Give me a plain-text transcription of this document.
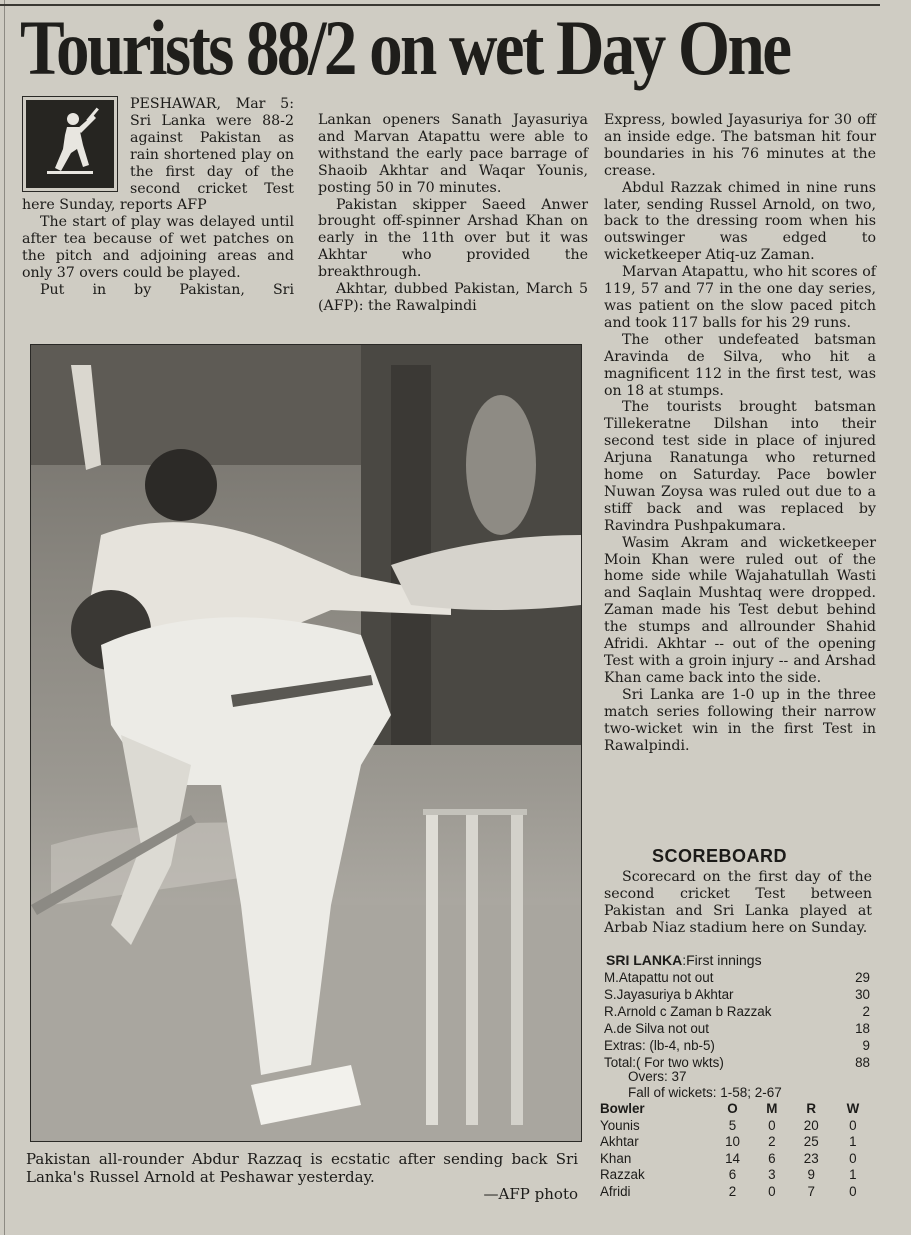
Tourists 88/2 on wet Day One

PESHAWAR, Mar 5: Sri Lanka were 88-2 against Pakistan as rain shortened play on the first day of the second cricket Test here Sunday, reports AFP

The start of play was delayed until after tea because of wet patches on the pitch and adjoining areas and only 37 overs could be played.

Put in by Pakistan, Sri

Lankan openers Sanath Jayasuriya and Marvan Atapattu were able to withstand the early pace barrage of Shaoib Akhtar and Waqar Younis, posting 50 in 70 minutes.

Pakistan skipper Saeed Anwer brought off-spinner Arshad Khan on early in the 11th over but it was Akhtar who provided the breakthrough.

Akhtar, dubbed Pakistan, March 5 (AFP): the Rawalpindi

Express, bowled Jayasuriya for 30 off an inside edge. The batsman hit four boundaries in his 76 minutes at the crease.

Abdul Razzak chimed in nine runs later, sending Russel Arnold, on two, back to the dressing room when his outswinger was edged to wicketkeeper Atiq-uz Zaman.

Marvan Atapattu, who hit scores of 119, 57 and 77 in the one day series, was patient on the slow paced pitch and took 117 balls for his 29 runs.

The other undefeated batsman Aravinda de Silva, who hit a magnificent 112 in the first test, was on 18 at stumps.

The tourists brought batsman Tillekeratne Dilshan into their second test side in place of injured Arjuna Ranatunga who returned home on Saturday. Pace bowler Nuwan Zoysa was ruled out due to a stiff back and was replaced by Ravindra Pushpakumara.

Wasim Akram and wicketkeeper Moin Khan were ruled out of the home side while Wajahatullah Wasti and Saqlain Mushtaq were dropped. Zaman made his Test debut behind the stumps and allrounder Shahid Afridi. Akhtar -- out of the opening Test with a groin injury -- and Arshad Khan came back into the side.

Sri Lanka are 1-0 up in the three match series following their narrow two-wicket win in the first Test in Rawalpindi.

Pakistan all-rounder Abdur Razzaq is ecstatic after sending back Sri Lanka's Russel Arnold at Peshawar yesterday.
—AFP photo
SCOREBOARD
Scorecard on the first day of the second cricket Test between Pakistan and Sri Lanka played at Arbab Niaz stadium here on Sunday.
SRI LANKA:First innings
M.Atapattu not out	29
S.Jayasuriya b Akhtar	30
R.Arnold c Zaman b Razzak	2
A.de Silva not out	18
Extras: (lb-4, nb-5)	9
Total:( For two wkts)	88
Overs: 37
Fall of wickets: 1-58; 2-67
Bowler	O	M	R	W
Younis	5	0	20	0
Akhtar	10	2	25	1
Khan	14	6	23	0
Razzak	6	3	9	1
Afridi	2	0	7	0
